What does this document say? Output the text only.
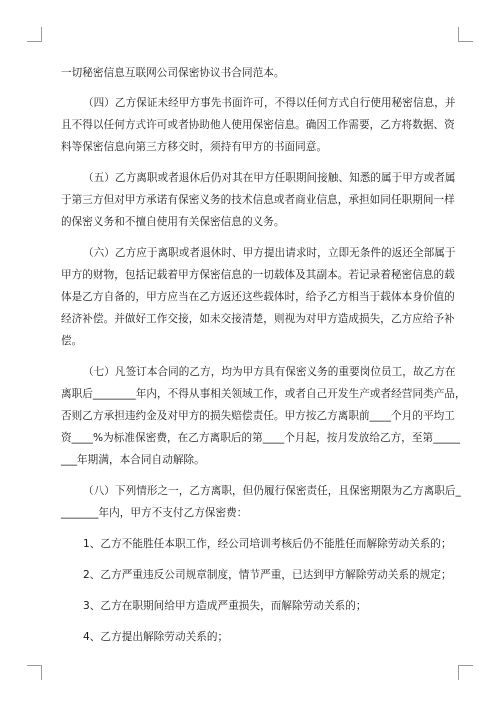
一切秘密信息互联网公司保密协议书合同范本。
（四）乙方保证未经甲方事先书面许可，不得以任何方式自行使用秘密信息，并
且不得以任何方式许可或者协助他人使用保密信息。确因工作需要，乙方将数据、资
料等保密信息向第三方移交时，须持有甲方的书面同意。
（五）乙方离职或者退休后仍对其在甲方任职期间接触、知悉的属于甲方或者属
于第三方但对甲方承诺有保密义务的技术信息或者商业信息，承担如同任职期间一样
的保密义务和不擅自使用有关保密信息的义务。
（六）乙方应于离职或者退休时、甲方提出请求时，立即无条件的返还全部属于
甲方的财物，包括记载着甲方保密信息的一切载体及其副本。若记录着秘密信息的载
体是乙方自备的，甲方应当在乙方返还这些载体时，给予乙方相当于载体本身价值的
经济补偿。并做好工作交接，如未交接清楚，则视为对甲方造成损失，乙方应给予补
偿。
（七）凡签订本合同的乙方，均为甲方具有保密义务的重要岗位员工，故乙方在
离职后________年内，不得从事相关领域工作，或者自己开发生产或者经营同类产品，
否则乙方承担违约金及对甲方的损失赔偿责任。甲方按乙方离职前____个月的平均工
资____%为标准保密费，在乙方离职后的第____个月起，按月发放给乙方，至第_____
___年期满，本合同自动解除。
（八）下列情形之一，乙方离职，但仍履行保密责任，且保密期限为乙方离职后_
_______年内，甲方不支付乙方保密费：
1、乙方不能胜任本职工作，经公司培训考核后仍不能胜任而解除劳动关系的；
2、乙方严重违反公司规章制度，情节严重，已达到甲方解除劳动关系的规定；
3、乙方在职期间给甲方造成严重损失，而解除劳动关系的；
4、乙方提出解除劳动关系的；
